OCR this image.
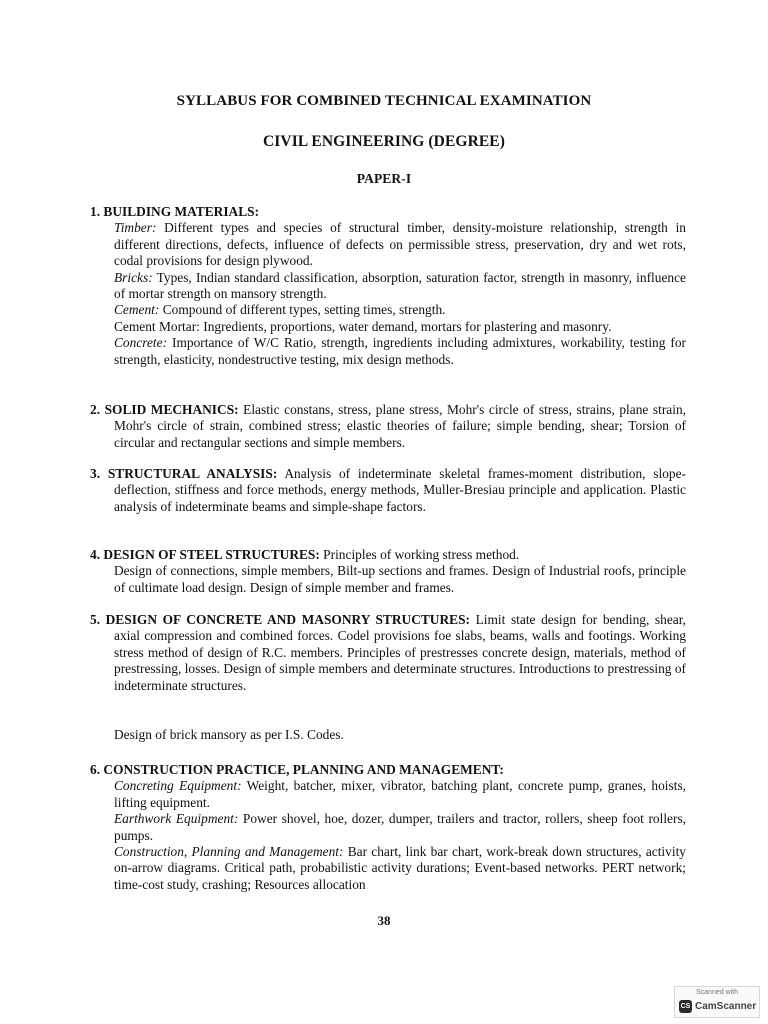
SYLLABUS FOR COMBINED TECHNICAL EXAMINATION
CIVIL ENGINEERING (DEGREE)
PAPER-I

1. BUILDING MATERIALS:

Timber: Different types and species of structural timber, density-moisture relationship, strength in different directions, defects, influence of defects on permissible stress, preservation, dry and wet rots, codal provisions for design plywood.

Bricks: Types, Indian standard classification, absorption, saturation factor, strength in masonry, influence of mortar strength on mansory strength.

Cement: Compound of different types, setting times, strength.

Cement Mortar: Ingredients, proportions, water demand, mortars for plastering and masonry.

Concrete: Importance of W/C Ratio, strength, ingredients including admixtures, workability, testing for strength, elasticity, nondestructive testing, mix design methods.

2. SOLID MECHANICS: Elastic constans, stress, plane stress, Mohr's circle of stress, strains, plane strain, Mohr's circle of strain, combined stress; elastic theories of failure; simple bending, shear; Torsion of circular and rectangular sections and simple members.

3. STRUCTURAL ANALYSIS: Analysis of indeterminate skeletal frames-moment distribution, slope-deflection, stiffness and force methods, energy methods, Muller-Bresiau principle and application. Plastic analysis of indeterminate beams and simple-shape factors.

4. DESIGN OF STEEL STRUCTURES: Principles of working stress method.

Design of connections, simple members, Bilt-up sections and frames. Design of Industrial roofs, principle of cultimate load design. Design of simple member and frames.

5. DESIGN OF CONCRETE AND MASONRY STRUCTURES: Limit state design for bending, shear, axial compression and combined forces. Codel provisions foe slabs, beams, walls and footings. Working stress method of design of R.C. members. Principles of prestresses concrete design, materials, method of prestressing, losses. Design of simple members and determinate structures. Introductions to prestressing of indeterminate structures.

Design of brick mansory as per I.S. Codes.

6. CONSTRUCTION PRACTICE, PLANNING AND MANAGEMENT:

Concreting Equipment: Weight, batcher, mixer, vibrator, batching plant, concrete pump, granes, hoists, lifting equipment.

Earthwork Equipment: Power shovel, hoe, dozer, dumper, trailers and tractor, rollers, sheep foot rollers, pumps.

Construction, Planning and Management: Bar chart, link bar chart, work-break down structures, activity on-arrow diagrams. Critical path, probabilistic activity durations; Event-based networks. PERT network; time-cost study, crashing; Resources allocation

38
Scanned with
CS CamScanner
